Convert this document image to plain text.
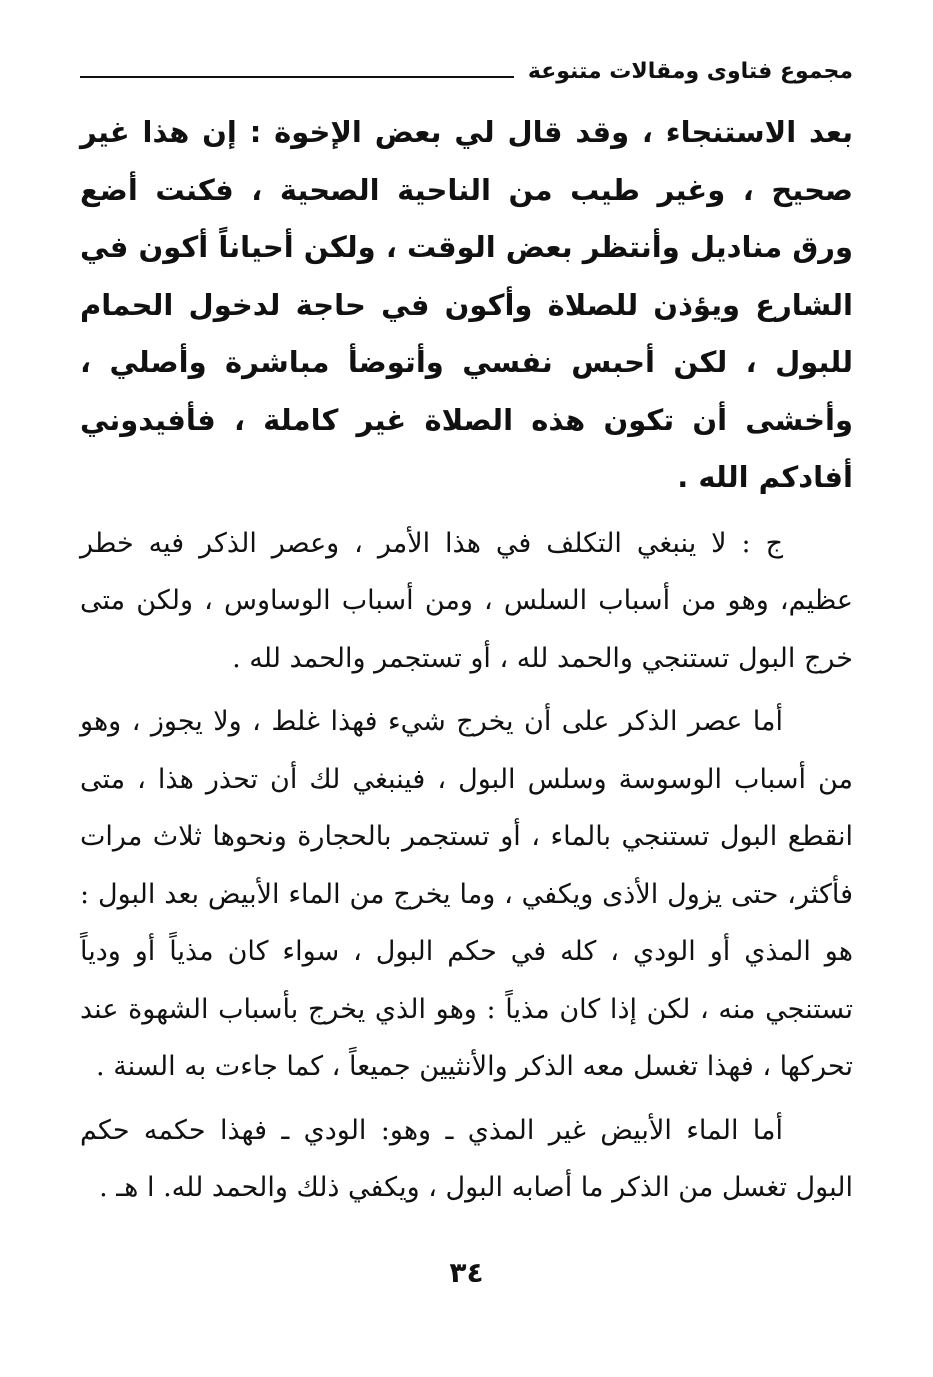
مجموع فتاوى ومقالات متنوعة

بعد الاستنجاء ، وقد قال لي بعض الإخوة : إن هذا غير صحيح ، وغير طيب من الناحية الصحية ، فكنت أضع ورق مناديل وأنتظر بعض الوقت ، ولكن أحياناً أكون في الشارع ويؤذن للصلاة وأكون في حاجة لدخول الحمام للبول ، لكن أحبس نفسي وأتوضأ مباشرة وأصلي ، وأخشى أن تكون هذه الصلاة غير كاملة ، فأفيدوني أفادكم الله .

ج : لا ينبغي التكلف في هذا الأمر ، وعصر الذكر فيه خطر عظيم، وهو من أسباب السلس ، ومن أسباب الوساوس ، ولكن متى خرج البول تستنجي والحمد لله ، أو تستجمر والحمد لله .

أما عصر الذكر على أن يخرج شيء فهذا غلط ، ولا يجوز ، وهو من أسباب الوسوسة وسلس البول ، فينبغي لك أن تحذر هذا ، متى انقطع البول تستنجي بالماء ، أو تستجمر بالحجارة ونحوها ثلاث مرات فأكثر، حتى يزول الأذى ويكفي ، وما يخرج من الماء الأبيض بعد البول : هو المذي أو الودي ، كله في حكم البول ، سواء كان مذياً أو ودياً تستنجي منه ، لكن إذا كان مذياً : وهو الذي يخرج بأسباب الشهوة عند تحركها ، فهذا تغسل معه الذكر والأنثيين جميعاً ، كما جاءت به السنة .

أما الماء الأبيض غير المذي ـ وهو: الودي ـ فهذا حكمه حكم البول تغسل من الذكر ما أصابه البول ، ويكفي ذلك والحمد لله. ا هـ .

٣٤
